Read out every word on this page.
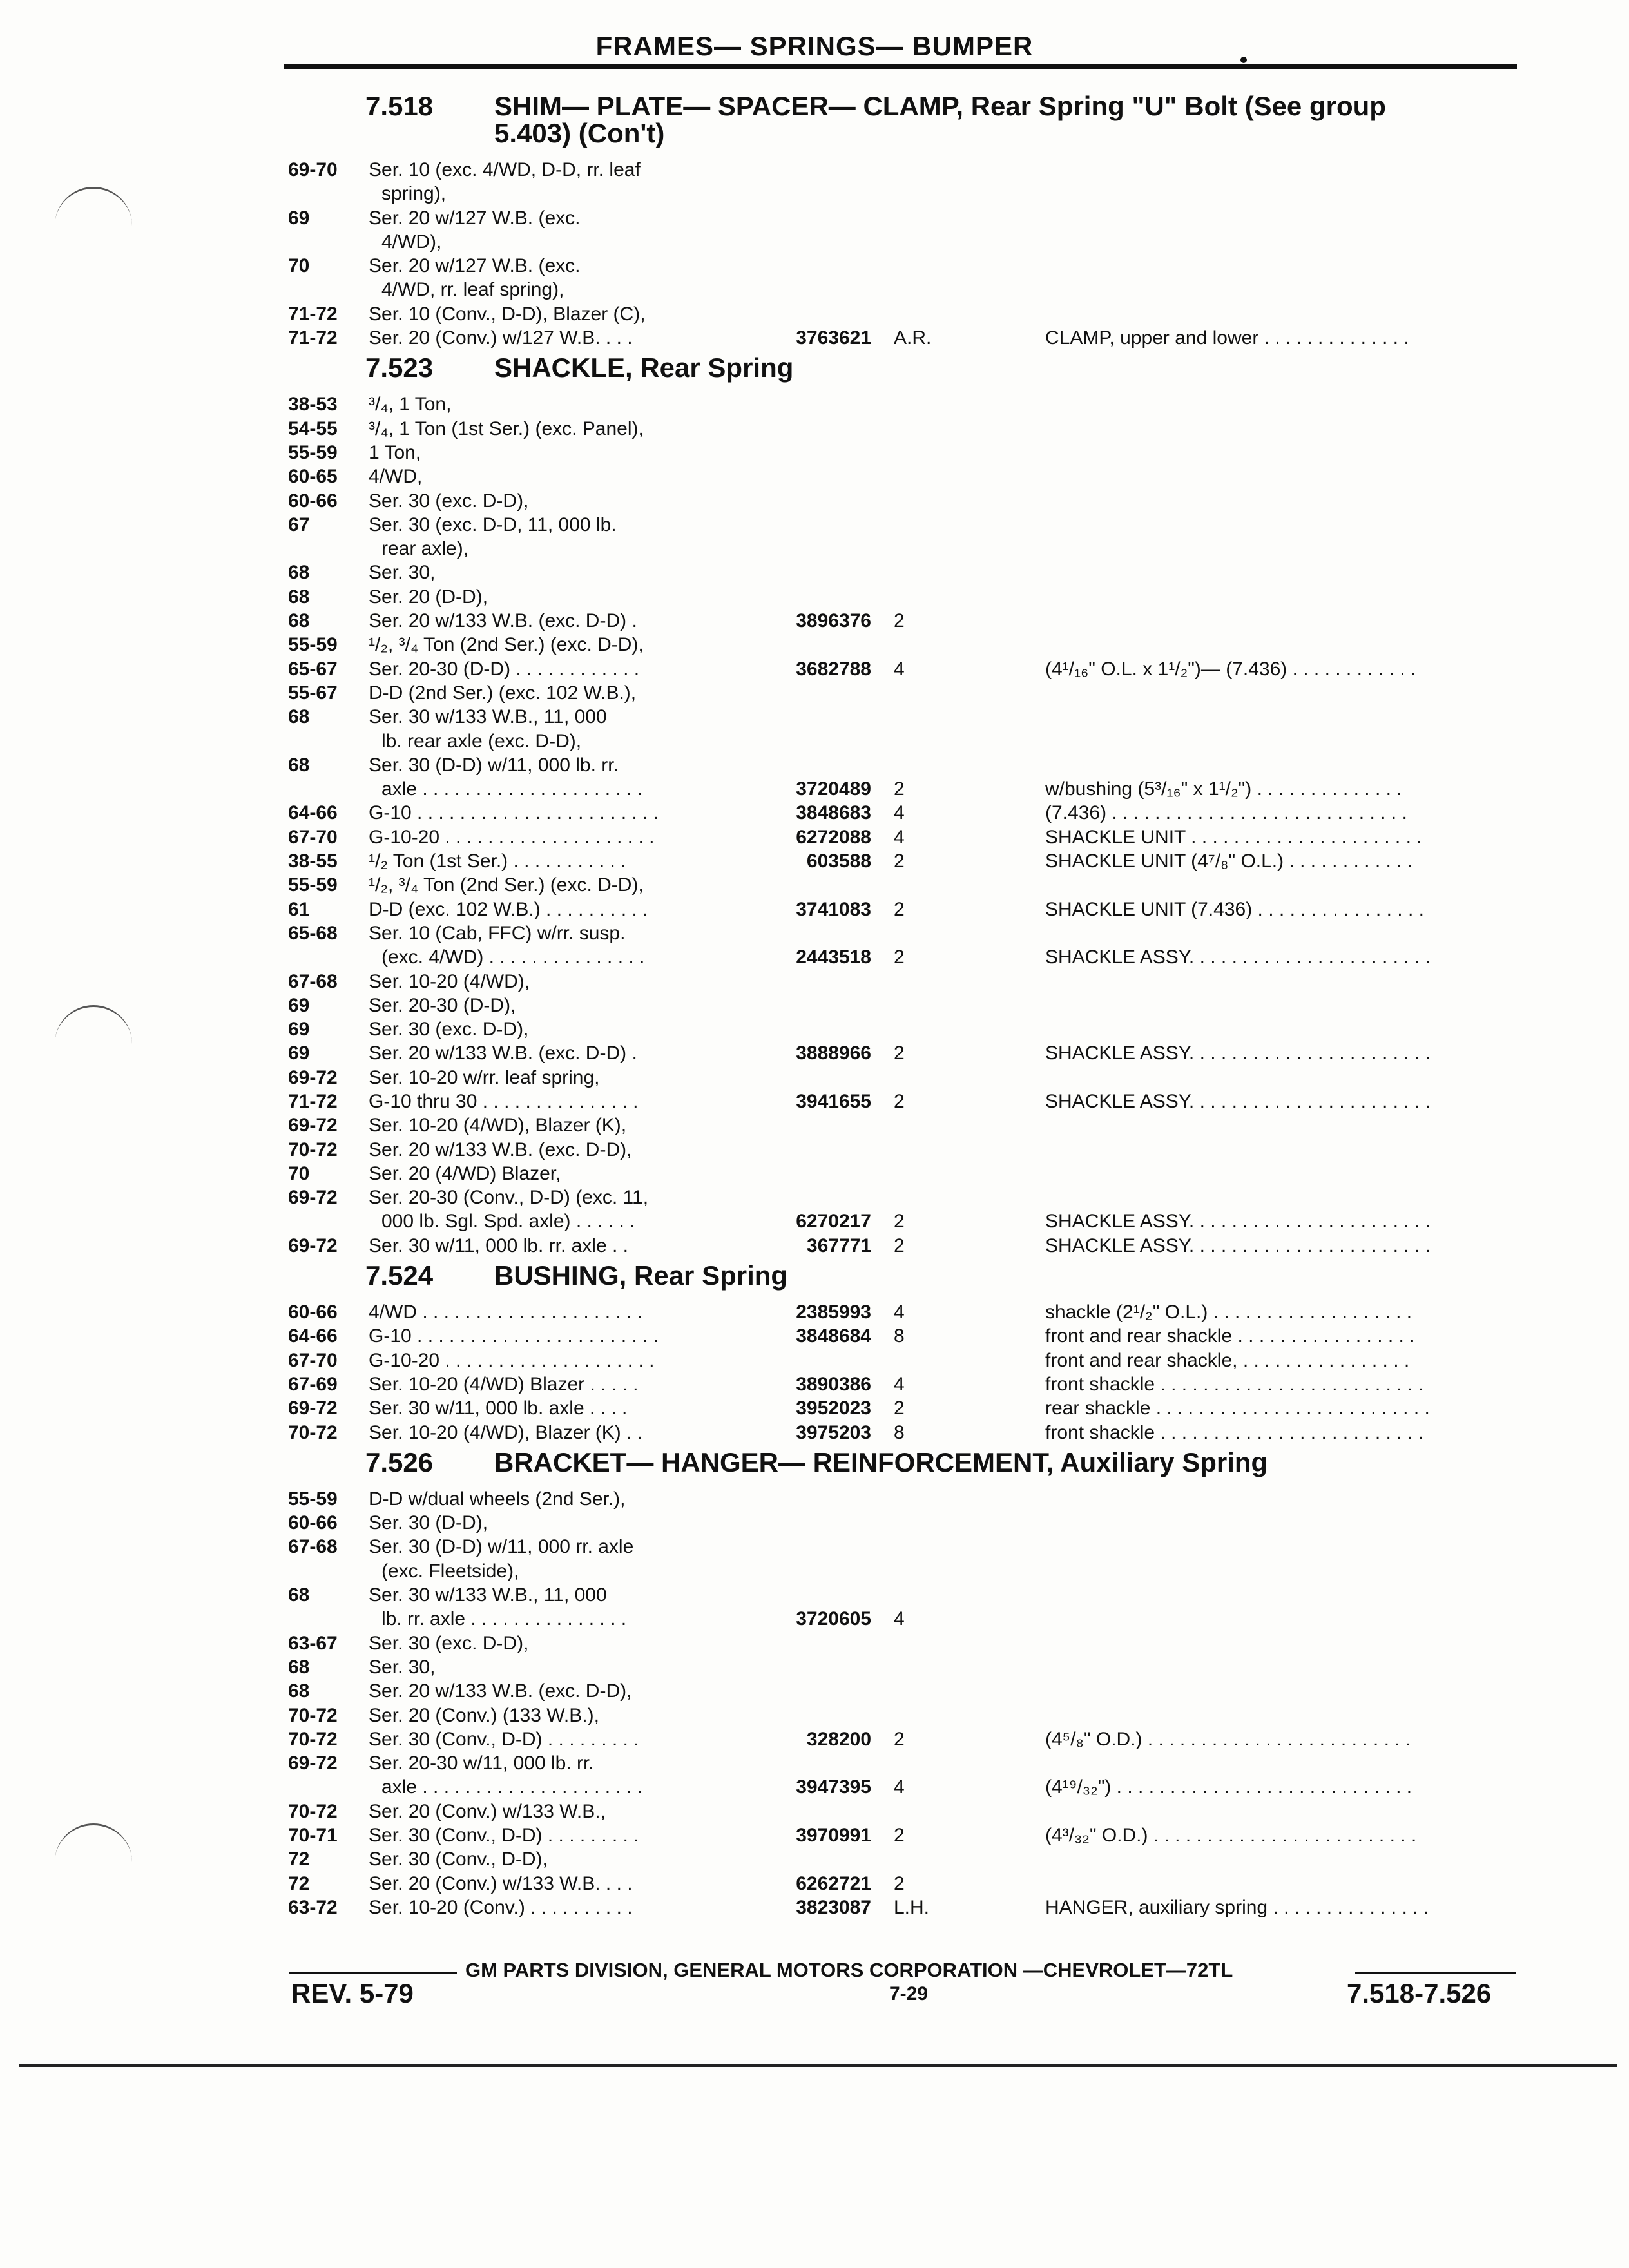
FRAMES— SPRINGS— BUMPER
7.518 SHIM— PLATE— SPACER— CLAMP, Rear Spring "U" Bolt (See group
5.403) (Con't)
69-70 Ser. 10 (exc. 4/WD, D-D, rr. leaf
spring),
69	Ser. 20 w/127 W.B. (exc.
4/WD),
70	Ser. 20 w/127 W.B. (exc.
4/WD, rr. leaf spring),
71-72 Ser. 10 (Conv., D-D), Blazer (C),
71-72 Ser. 20 (Conv.) w/127 W.B. . . .	3763621 A.R.	CLAMP, upper and lower . . . . . . . . . . . . . .
7.523 SHACKLE, Rear Spring
38-53 ³/₄, 1 Ton,
54-55 ³/₄, 1 Ton (1st Ser.) (exc. Panel),
55-59 1 Ton,
60-65 4/WD,
60-66 Ser. 30 (exc. D-D),
67	Ser. 30 (exc. D-D, 11, 000 lb.
rear axle),
68	Ser. 30,
68	Ser. 20 (D-D),
68	Ser. 20 w/133 W.B. (exc. D-D) .	3896376 2
55-59 ¹/₂, ³/₄ Ton (2nd Ser.) (exc. D-D),
65-67 Ser. 20-30 (D-D) . . . . . . . . . . . .	3682788 4	(4¹/₁₆" O.L. x 1¹/₂")— (7.436) . . . . . . . . . . . .
55-67 D-D (2nd Ser.) (exc. 102 W.B.),
68	Ser. 30 w/133 W.B., 11, 000
lb. rear axle (exc. D-D),
68	Ser. 30 (D-D) w/11, 000 lb. rr.
axle . . . . . . . . . . . . . . . . . . . . .	3720489 2	w/bushing (5³/₁₆" x 1¹/₂") . . . . . . . . . . . . . .
64-66 G-10 . . . . . . . . . . . . . . . . . . . . . . .	3848683 4	(7.436) . . . . . . . . . . . . . . . . . . . . . . . . . . . .
67-70 G-10-20 . . . . . . . . . . . . . . . . . . . .	6272088 4	SHACKLE UNIT . . . . . . . . . . . . . . . . . . . . . .
38-55 ¹/₂ Ton (1st Ser.) . . . . . . . . . . .	603588 2	SHACKLE UNIT (4⁷/₈" O.L.) . . . . . . . . . . . .
55-59 ¹/₂, ³/₄ Ton (2nd Ser.) (exc. D-D),
61	D-D (exc. 102 W.B.) . . . . . . . . . .	3741083 2	SHACKLE UNIT (7.436) . . . . . . . . . . . . . . . .
65-68 Ser. 10 (Cab, FFC) w/rr. susp.
(exc. 4/WD) . . . . . . . . . . . . . . .	2443518 2	SHACKLE ASSY. . . . . . . . . . . . . . . . . . . . . . .
67-68 Ser. 10-20 (4/WD),
69	Ser. 20-30 (D-D),
69	Ser. 30 (exc. D-D),
69	Ser. 20 w/133 W.B. (exc. D-D) .	3888966 2	SHACKLE ASSY. . . . . . . . . . . . . . . . . . . . . . .
69-72 Ser. 10-20 w/rr. leaf spring,
71-72 G-10 thru 30 . . . . . . . . . . . . . . .	3941655 2	SHACKLE ASSY. . . . . . . . . . . . . . . . . . . . . . .
69-72 Ser. 10-20 (4/WD), Blazer (K),
70-72 Ser. 20 w/133 W.B. (exc. D-D),
70	Ser. 20 (4/WD) Blazer,
69-72 Ser. 20-30 (Conv., D-D) (exc. 11,
000 lb. Sgl. Spd. axle) . . . . . .	6270217 2	SHACKLE ASSY. . . . . . . . . . . . . . . . . . . . . . .
69-72 Ser. 30 w/11, 000 lb. rr. axle . .	367771 2	SHACKLE ASSY. . . . . . . . . . . . . . . . . . . . . . .
7.524 BUSHING, Rear Spring
60-66 4/WD . . . . . . . . . . . . . . . . . . . . .	2385993 4	shackle (2¹/₂" O.L.) . . . . . . . . . . . . . . . . . . .
64-66 G-10 . . . . . . . . . . . . . . . . . . . . . . .	3848684 8	front and rear shackle . . . . . . . . . . . . . . . . .
67-70 G-10-20 . . . . . . . . . . . . . . . . . . . .	front and rear shackle, . . . . . . . . . . . . . . . .
67-69 Ser. 10-20 (4/WD) Blazer . . . . .	3890386 4	front shackle . . . . . . . . . . . . . . . . . . . . . . . . .
69-72 Ser. 30 w/11, 000 lb. axle . . . .	3952023 2	rear shackle . . . . . . . . . . . . . . . . . . . . . . . . . .
70-72 Ser. 10-20 (4/WD), Blazer (K) . .	3975203 8	front shackle . . . . . . . . . . . . . . . . . . . . . . . . .
7.526 BRACKET— HANGER— REINFORCEMENT, Auxiliary Spring
55-59 D-D w/dual wheels (2nd Ser.),
60-66 Ser. 30 (D-D),
67-68 Ser. 30 (D-D) w/11, 000 rr. axle
(exc. Fleetside),
68	Ser. 30 w/133 W.B., 11, 000
lb. rr. axle . . . . . . . . . . . . . . .	3720605 4
63-67 Ser. 30 (exc. D-D),
68	Ser. 30,
68	Ser. 20 w/133 W.B. (exc. D-D),
70-72 Ser. 20 (Conv.) (133 W.B.),
70-72 Ser. 30 (Conv., D-D) . . . . . . . . .	328200 2	(4⁵/₈" O.D.) . . . . . . . . . . . . . . . . . . . . . . . . .
69-72 Ser. 20-30 w/11, 000 lb. rr.
axle . . . . . . . . . . . . . . . . . . . . .	3947395 4	(4¹⁹/₃₂") . . . . . . . . . . . . . . . . . . . . . . . . . . . .
70-72 Ser. 20 (Conv.) w/133 W.B.,
70-71 Ser. 30 (Conv., D-D) . . . . . . . . .	3970991 2	(4³/₃₂" O.D.) . . . . . . . . . . . . . . . . . . . . . . . . .
72	Ser. 30 (Conv., D-D),
72	Ser. 20 (Conv.) w/133 W.B. . . .	6262721 2
63-72 Ser. 10-20 (Conv.) . . . . . . . . . .	3823087 L.H.	HANGER, auxiliary spring . . . . . . . . . . . . . . .
GM PARTS DIVISION, GENERAL MOTORS CORPORATION —CHEVROLET—72TL
REV. 5-79	7-29	7.518-7.526
